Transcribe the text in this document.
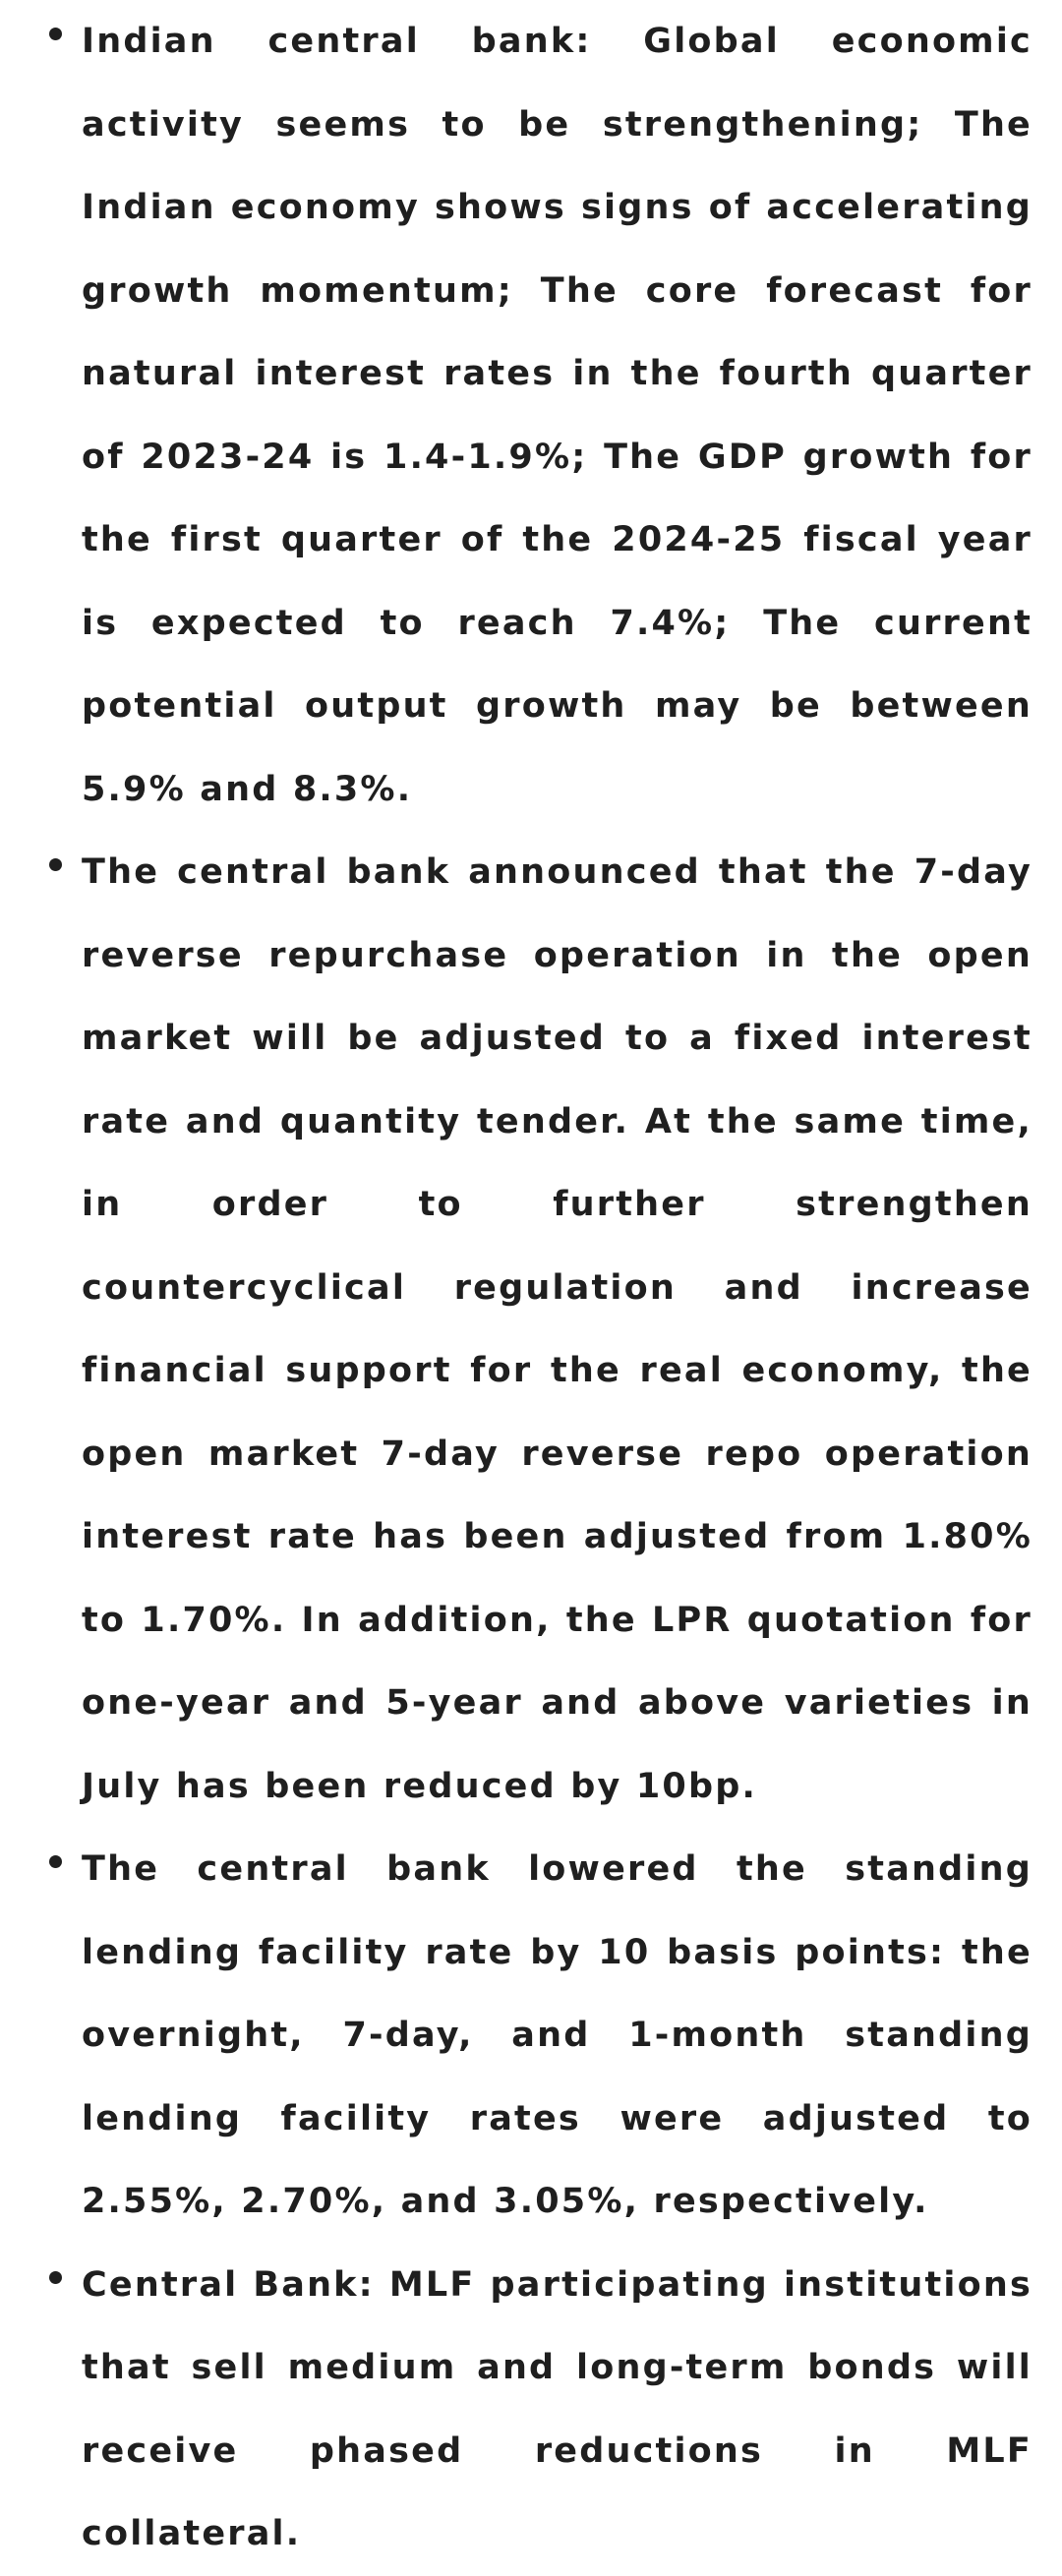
Indian central bank: Global economic activity seems to be strengthening; The Indian economy shows signs of accelerating growth momentum; The core forecast for natural interest rates in the fourth quarter of 2023-24 is 1.4-1.9%; The GDP growth for the first quarter of the 2024-25 fiscal year is expected to reach 7.4%; The current potential output growth may be between 5.9% and 8.3%.
The central bank announced that the 7-day reverse repurchase operation in the open market will be adjusted to a fixed interest rate and quantity tender. At the same time, in order to further strengthen countercyclical regulation and increase financial support for the real economy, the open market 7-day reverse repo operation interest rate has been adjusted from 1.80% to 1.70%. In addition, the LPR quotation for one-year and 5-year and above varieties in July has been reduced by 10bp.
The central bank lowered the standing lending facility rate by 10 basis points: the overnight, 7-day, and 1-month standing lending facility rates were adjusted to 2.55%, 2.70%, and 3.05%, respectively.
Central Bank: MLF participating institutions that sell medium and long-term bonds will receive phased reductions in MLF collateral.
